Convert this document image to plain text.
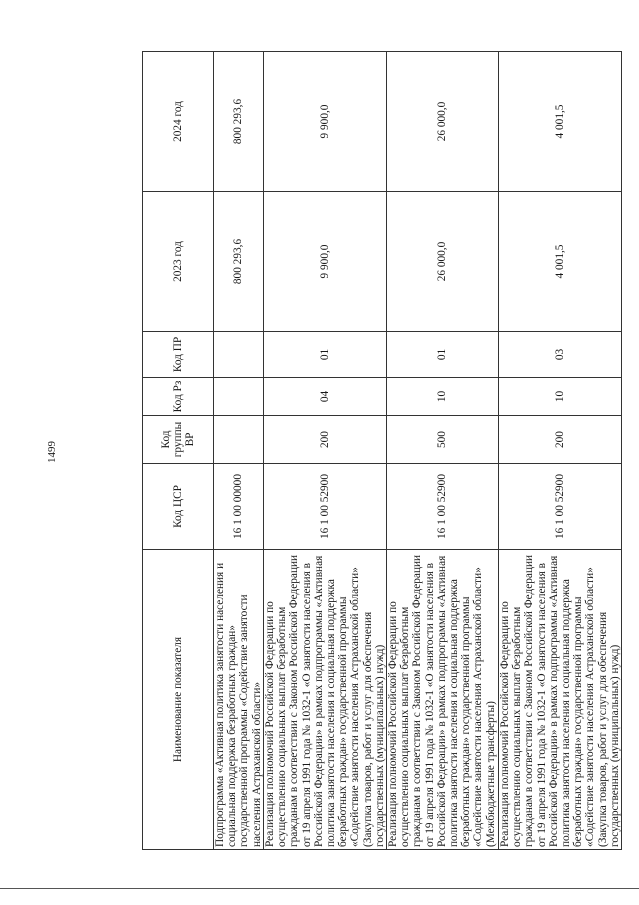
1499
Наименование показателя	Код ЦСР	Код группы ВР	Код Рз	Код ПР	2023 год	2024 год
Подпрограмма «Активная политика занятости населения и социальная поддержка безработных граждан» государственной программы «Содействие занятости населения Астраханской области»	16 1 00 00000				800 293,6	800 293,6
Реализация полномочий Российской Федерации по осуществлению социальных выплат безработным гражданам в соответствии с Законом Российской Федерации от 19 апреля 1991 года № 1032-1 «О занятости населения в Российской Федерации» в рамках подпрограммы «Активная политика занятости населения и социальная поддержка безработных граждан» государственной программы «Содействие занятости населения Астраханской области» (Закупка товаров, работ и услуг для обеспечения государственных (муниципальных) нужд)	16 1 00 52900	200	04	01	9 900,0	9 900,0
Реализация полномочий Российской Федерации по осуществлению социальных выплат безработным гражданам в соответствии с Законом Российской Федерации от 19 апреля 1991 года № 1032-1 «О занятости населения в Российской Федерации» в рамках подпрограммы «Активная политика занятости населения и социальная поддержка безработных граждан» государственной программы «Содействие занятости населения Астраханской области» (Межбюджетные трансферты)	16 1 00 52900	500	10	01	26 000,0	26 000,0
Реализация полномочий Российской Федерации по осуществлению социальных выплат безработным гражданам в соответствии с Законом Российской Федерации от 19 апреля 1991 года № 1032-1 «О занятости населения в Российской Федерации» в рамках подпрограммы «Активная политика занятости населения и социальная поддержка безработных граждан» государственной программы «Содействие занятости населения Астраханской области» (Закупка товаров, работ и услуг для обеспечения государственных (муниципальных) нужд)	16 1 00 52900	200	10	03	4 001,5	4 001,5
